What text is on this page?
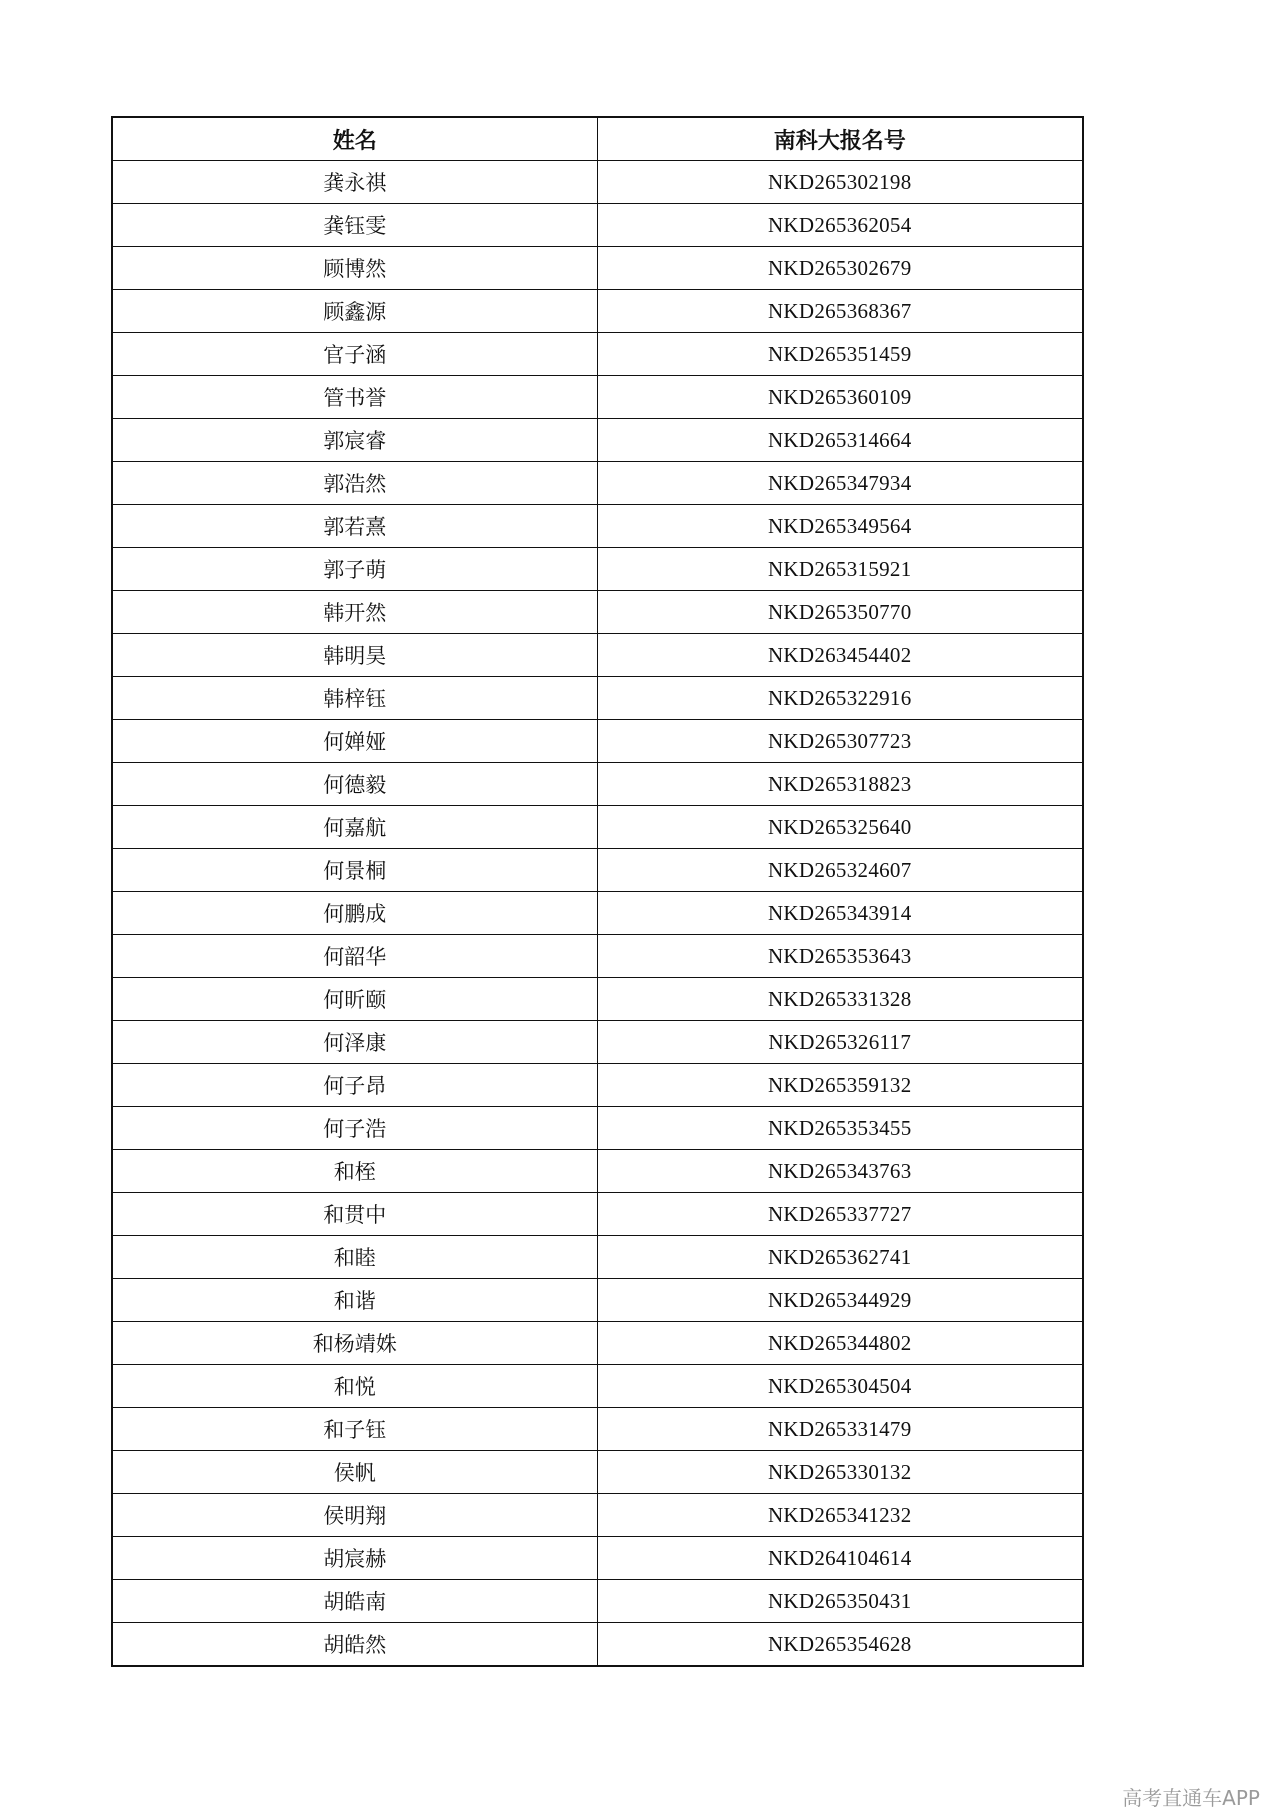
姓名	南科大报名号
龚永祺	NKD265302198
龚钰雯	NKD265362054
顾博然	NKD265302679
顾鑫源	NKD265368367
官子涵	NKD265351459
管书誉	NKD265360109
郭宸睿	NKD265314664
郭浩然	NKD265347934
郭若熹	NKD265349564
郭子萌	NKD265315921
韩开然	NKD265350770
韩明昊	NKD263454402
韩梓钰	NKD265322916
何婵娅	NKD265307723
何德毅	NKD265318823
何嘉航	NKD265325640
何景桐	NKD265324607
何鹏成	NKD265343914
何韶华	NKD265353643
何昕颐	NKD265331328
何泽康	NKD265326117
何子昂	NKD265359132
何子浩	NKD265353455
和桎	NKD265343763
和贯中	NKD265337727
和睦	NKD265362741
和谐	NKD265344929
和杨靖姝	NKD265344802
和悦	NKD265304504
和子钰	NKD265331479
侯帆	NKD265330132
侯明翔	NKD265341232
胡宸赫	NKD264104614
胡皓南	NKD265350431
胡皓然	NKD265354628
高考直通车APP
